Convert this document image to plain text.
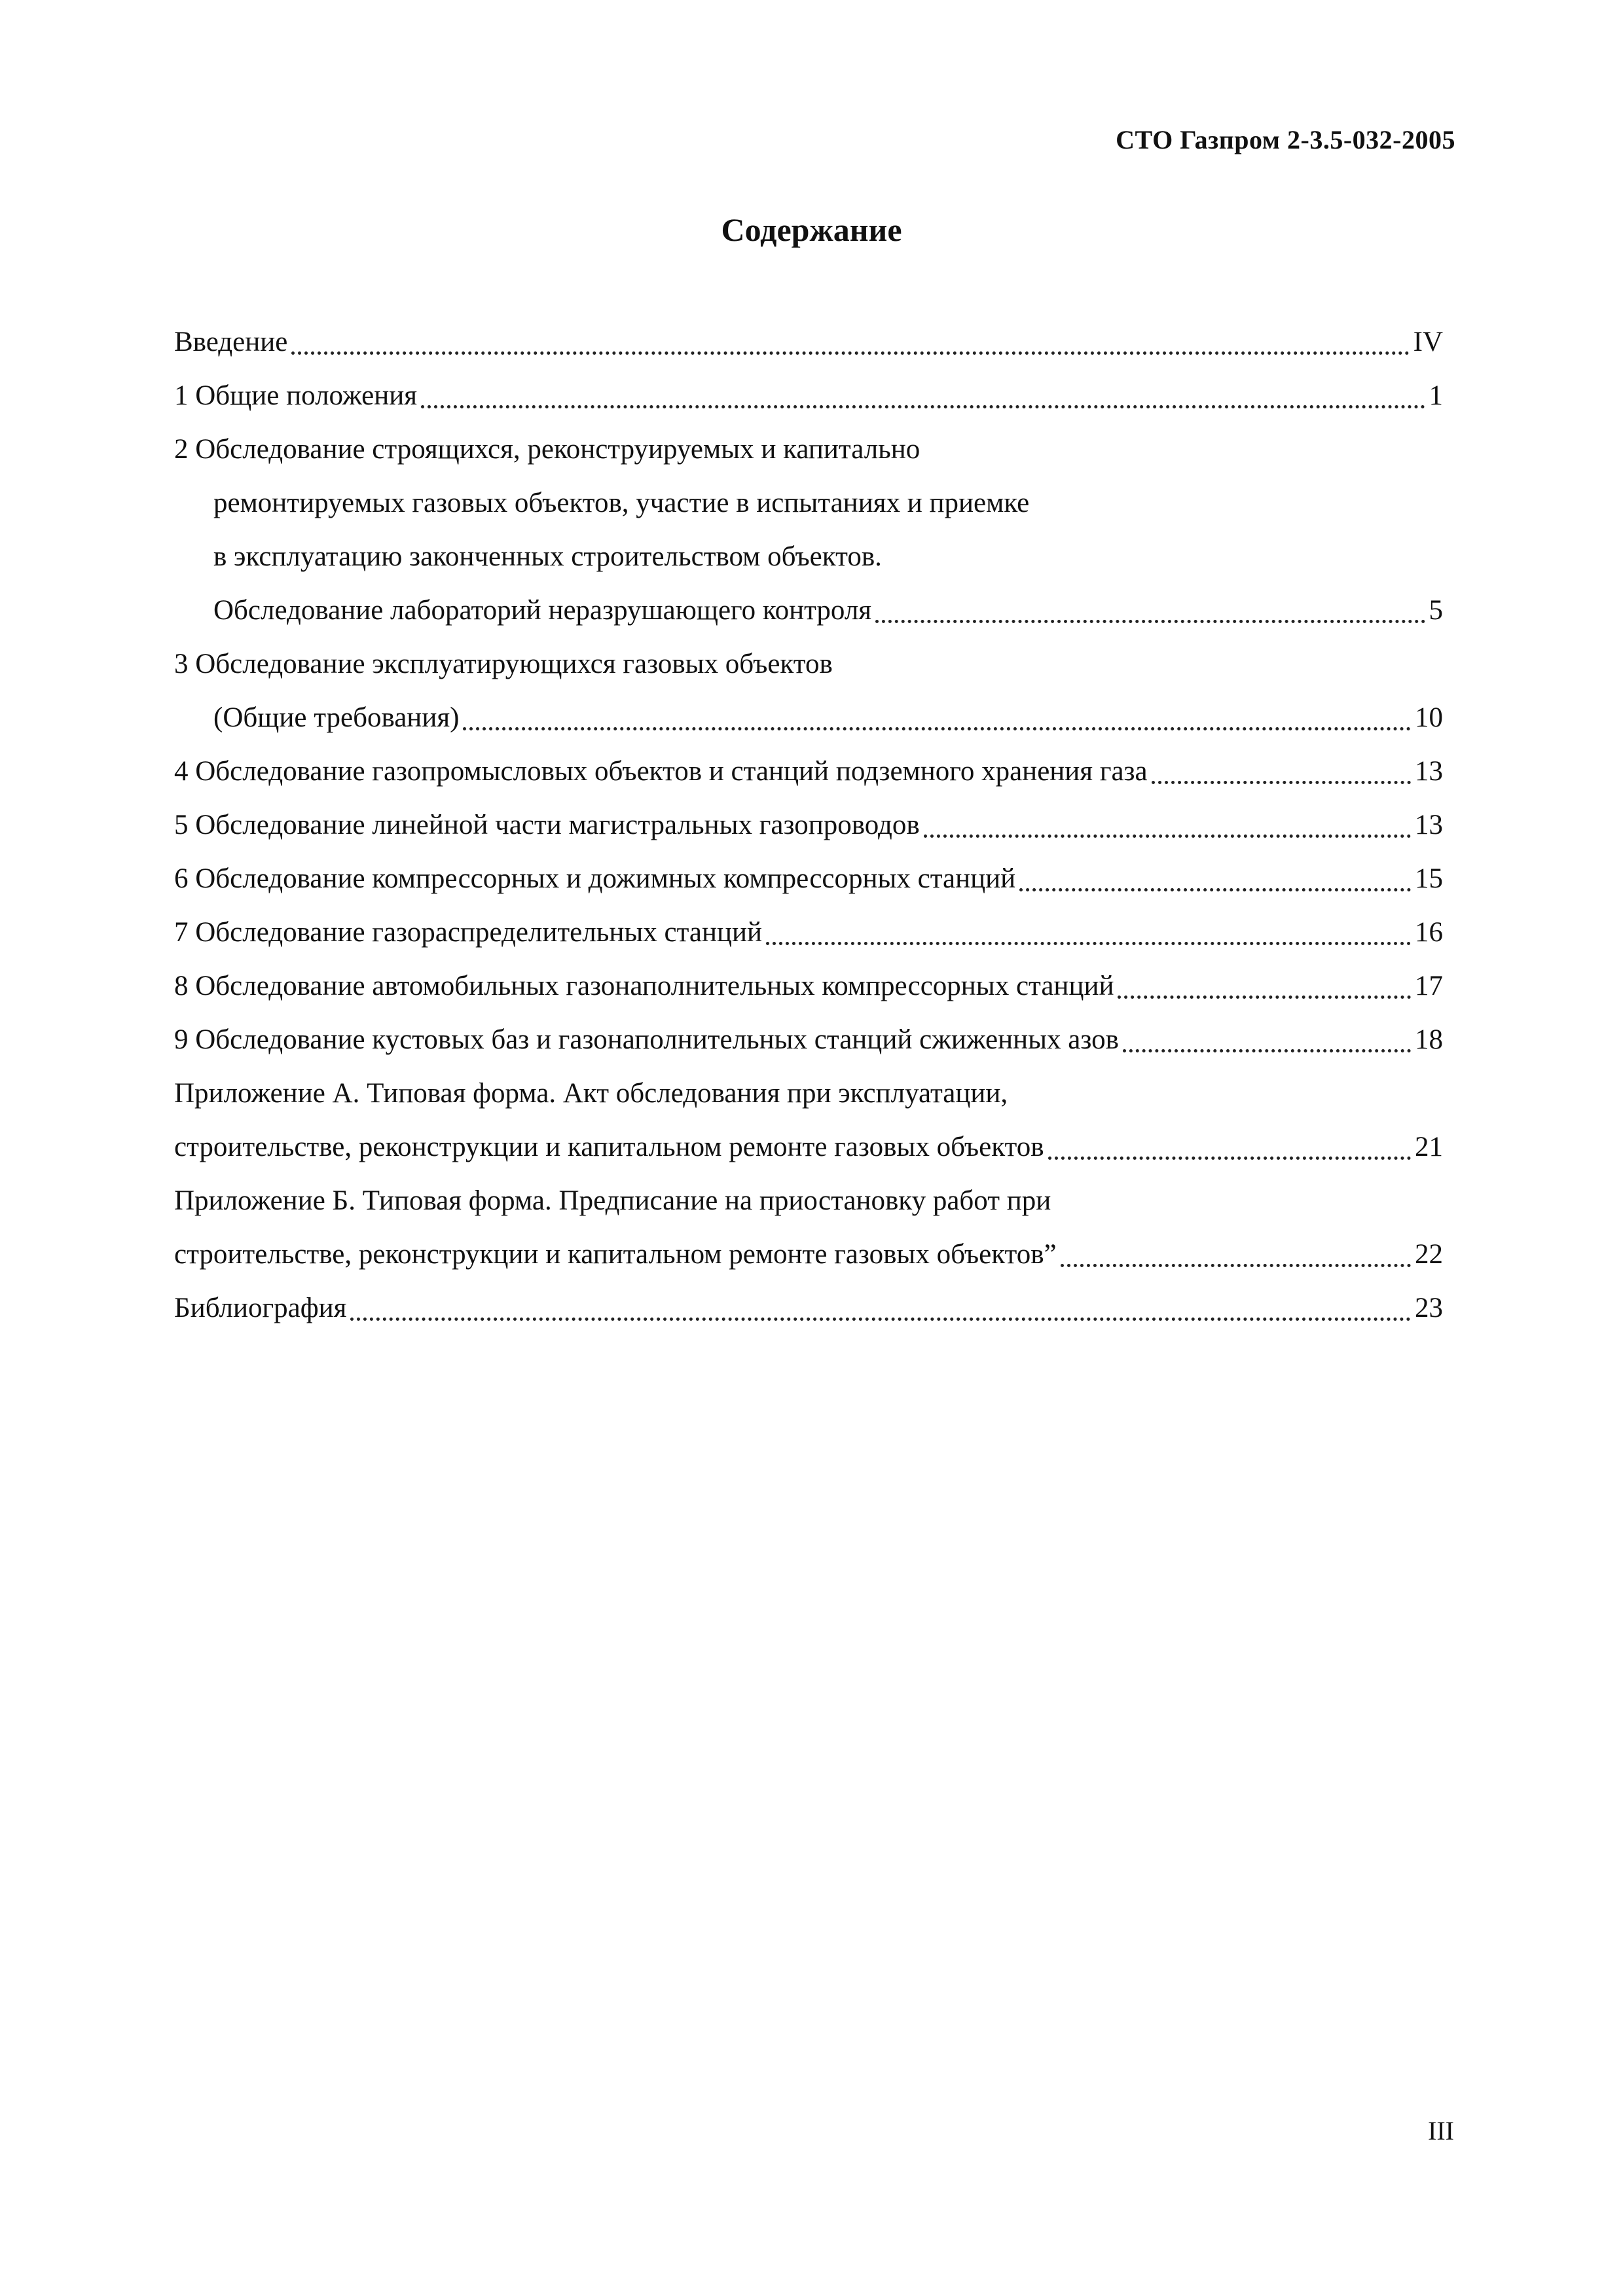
СТО Газпром 2-3.5-032-2005
Содержание
Введение	IV
1 Общие положения	1
2 Обследование строящихся, реконструируемых и капитально
ремонтируемых газовых объектов, участие в испытаниях и приемке
в эксплуатацию законченных строительством объектов.
Обследование лабораторий неразрушающего контроля	5
3 Обследование эксплуатирующихся газовых объектов
(Общие требования)	10
4 Обследование газопромысловых объектов и станций подземного хранения газа	13
5 Обследование линейной части магистральных газопроводов	13
6 Обследование компрессорных и дожимных компрессорных станций	15
7 Обследование газораспределительных станций	16
8 Обследование автомобильных газонаполнительных компрессорных станций	17
9 Обследование кустовых баз и газонаполнительных станций сжиженных азов	18
Приложение А. Типовая форма. Акт обследования при эксплуатации,
строительстве, реконструкции и капитальном ремонте газовых объектов	21
Приложение Б. Типовая форма. Предписание на приостановку работ при
строительстве, реконструкции и капитальном ремонте газовых объектов”	22
Библиография	23
III
